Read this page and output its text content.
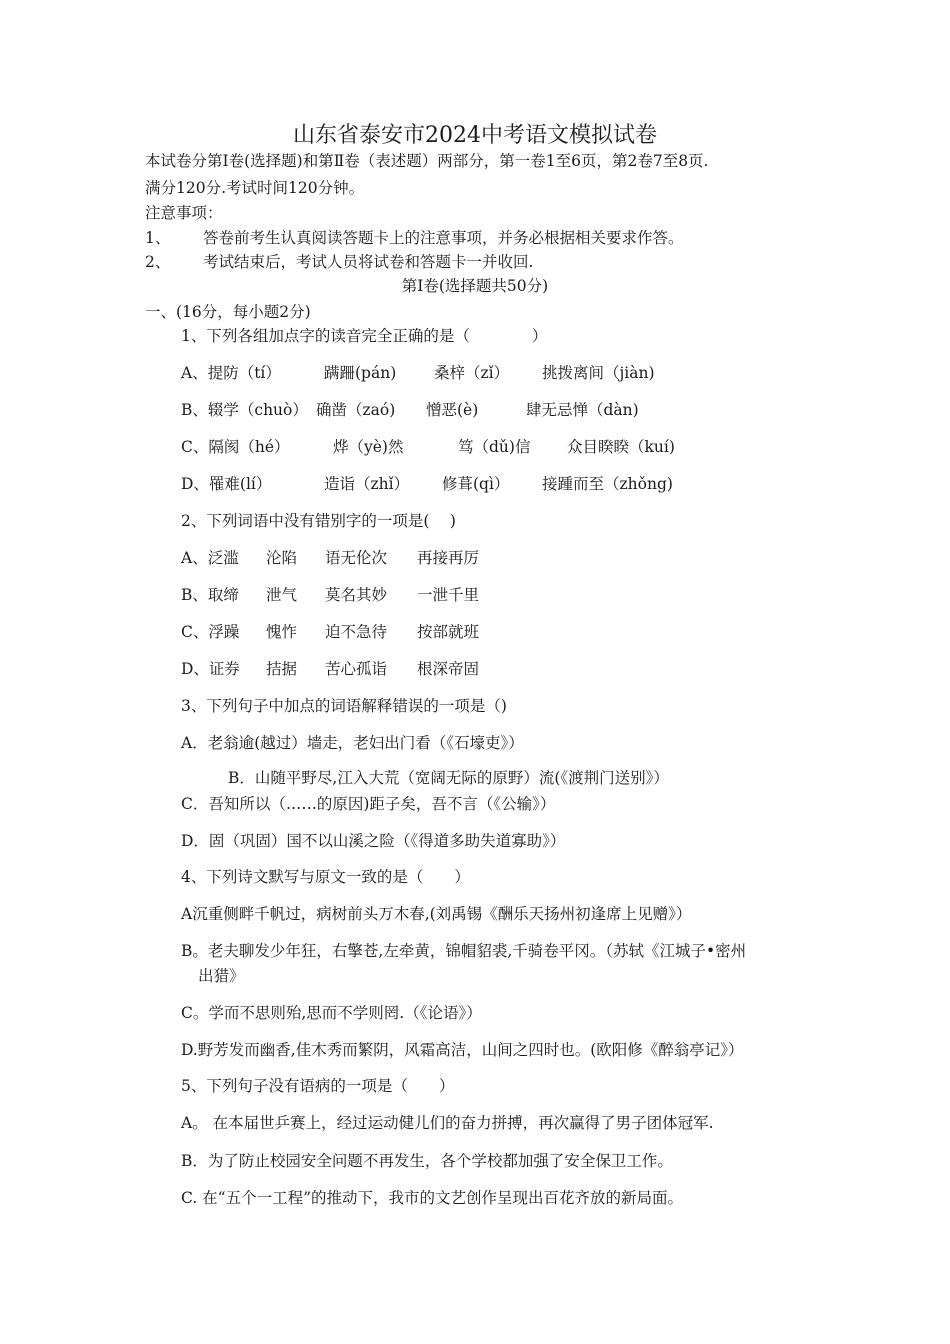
山东省泰安市2024中考语文模拟试卷
本试卷分第Ⅰ卷(选择题)和第Ⅱ卷（表述题）两部分，第一卷1至6页，第2卷7至8页.
满分120分.考试时间120分钟。
注意事项：
1、 答卷前考生认真阅读答题卡上的注意事项，并务必根据相关要求作答。
2、 考试结束后，考试人员将试卷和答题卡一并收回.
第Ⅰ卷(选择题共50分)
一、(16分，每小题2分)
1、下列各组加点字的读音完全正确的是（　　　　）
A、提防（tí）	蹒跚(pán) 桑梓（zǐ） 挑拨离间（jiàn)
B、辍学（chuò） 确凿（zaó) 憎恶(è)	肆无忌惮（dàn)
C、隔阂（hé）	烨（yè)然	笃（dǔ)信 众目睽睽（kuí)
D、罹难(lí）	造诣（zhǐ） 修葺(qì） 接踵而至（zhǒng)
2、下列词语中没有错别字的一项是(　 )
A、泛滥 沦陷 语无伦次 再接再厉
B、取缔 泄气 莫名其妙 一泄千里
C、浮躁 愧怍 迫不急待 按部就班
D、证券 拮据 苦心孤诣 根深帝固
3、下列句子中加点的词语解释错误的一项是（)
A．老翁逾(越过）墙走，老妇出门看（《石壕吏》）
B．山随平野尽,江入大荒（宽阔无际的原野）流(《渡荆门送别》）
C．吾知所以（……的原因)距子矣，吾不言（《公输》）
D．固（巩固）国不以山溪之险（《得道多助失道寡助》）
4、下列诗文默写与原文一致的是（　　）
A沉重侧畔千帆过，病树前头万木春,(刘禹锡《酬乐天扬州初逢席上见赠》）
B。老夫聊发少年狂，右擎苍,左牵黄，锦帽貂裘,千骑卷平冈。（苏轼《江城子•密州
出猎》
C。学而不思则殆,思而不学则罔.（《论语》）
D.野芳发而幽香,佳木秀而繁阴，风霜高洁，山间之四时也。(欧阳修《醉翁亭记》）
5、下列句子没有语病的一项是（　　）
A。 在本届世乒赛上，经过运动健儿们的奋力拼搏，再次赢得了男子团体冠军.
B．为了防止校园安全问题不再发生，各个学校都加强了安全保卫工作。
C. 在“五个一工程”的推动下，我市的文艺创作呈现出百花齐放的新局面。
